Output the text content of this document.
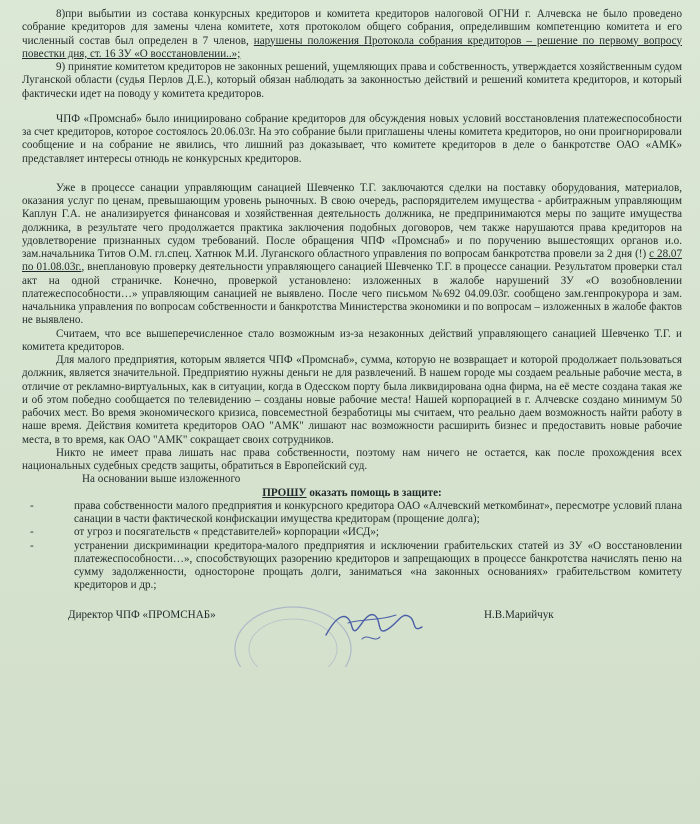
8)при выбытии из состава конкурсных кредиторов и комитета кредиторов налоговой ОГНИ г. Алчевска не было проведено собрание кредиторов для замены члена комитете, хотя протоколом общего собрания, определившим компетенцию комитета и его численный состав был определен в 7 членов, нарушены положения Протокола собрания кредиторов – решение по первому вопросу повестки дня, ст. 16 ЗУ «О восстановлении..»;

9) принятие комитетом кредиторов не законных решений, ущемляющих права и собственность, утверждается хозяйственным судом Луганской области (судья Перлов Д.Е.), который обязан наблюдать за законностью действий и решений комитета кредиторов, и который фактически идет на поводу у комитета кредиторов.

ЧПФ «Промснаб» было инициировано собрание кредиторов для обсуждения новых условий восстановления платежеспособности за счет кредиторов, которое состоялось 20.06.03г. На это собрание были приглашены члены комитета кредиторов, но они проигнорировали сообщение и на собрание не явились, что лишний раз доказывает, что комитете кредиторов в деле о банкротстве ОАО «АМК» представляет интересы отнюдь не конкурсных кредиторов.

Уже в процессе санации управляющим санацией Шевченко Т.Г. заключаются сделки на поставку оборудования, материалов, оказания услуг по ценам, превышающим уровень рыночных. В свою очередь, распорядителем имущества - арбитражным управляющим Каплун Г.А. не анализируется финансовая и хозяйственная деятельность должника, не предпринимаются меры по защите имущества должника, в результате чего продолжается практика заключения подобных договоров, чем также нарушаются права кредиторов на удовлетворение признанных судом требований. После обращения ЧПФ «Промснаб» и по поручению вышестоящих органов и.о. зам.начальника Титов О.М. гл.спец. Хатнюк М.И. Луганского областного управления по вопросам банкротства провели за 2 дня (!) с 28.07 по 01.08.03г., внеплановую проверку деятельности управляющего санацией Шевченко Т.Г. в процессе санации. Результатом проверки стал акт на одной страничке. Конечно, проверкой установлено: изложенных в жалобе нарушений ЗУ «О возобновлении платежеспособности…» управляющим санацией не выявлено. После чего письмом №692 04.09.03г. сообщено зам.генпрокурора и зам. начальника управления по вопросам собственности и банкротства Министерства экономики и по вопросам – изложенных в жалобе фактов не выявлено.

Считаем, что все вышеперечисленное стало возможным из-за незаконных действий управляющего санацией Шевченко Т.Г. и комитета кредиторов.

Для малого предприятия, которым является ЧПФ «Промснаб», сумма, которую не возвращает и которой продолжает пользоваться должник, является значительной. Предприятию нужны деньги не для развлечений. В нашем городе мы создаем реальные рабочие места, в отличие от рекламно-виртуальных, как в ситуации, когда в Одесском порту была ликвидирована одна фирма, на её месте создана такая же и об этом победно сообщается по телевидению – созданы новые рабочие места! Нашей корпорацией в г. Алчевске создано минимум 50 рабочих мест. Во время экономического кризиса, повсеместной безработицы мы считаем, что реально даем возможность найти работу в наше время. Действия комитета кредиторов ОАО "АМК" лишают нас возможности расширить бизнес и предоставить новые рабочие места, в то время, как ОАО "АМК" сокращает своих сотрудников.

Никто не имеет права лишать нас права собственности, поэтому нам ничего не остается, как после прохождения всех национальных судебных средств защиты, обратиться в Европейский суд.

На основании выше изложенного

ПРОШУ оказать помощь в защите:

-	права собственности малого предприятия и конкурсного кредитора ОАО «Алчевский меткомбинат», пересмотре условий плана санации в части фактической конфискации имущества кредиторам (прощение долга);
-	от угроз и посягательств « представителей» корпорации «ИСД»;
-	устранении дискриминации кредитора-малого предприятия и исключении грабительских статей из ЗУ «О восстановлении платежеспособности…», способствующих разорению кредиторов и запрещающих в процессе банкротства начислять пеню на сумму задолженности, одностороне прощать долги, заниматься «на законных основаниях» грабительством комитету кредиторов и др.;
Директор ЧПФ «ПРОМСНАБ»	Н.В.Марийчук
